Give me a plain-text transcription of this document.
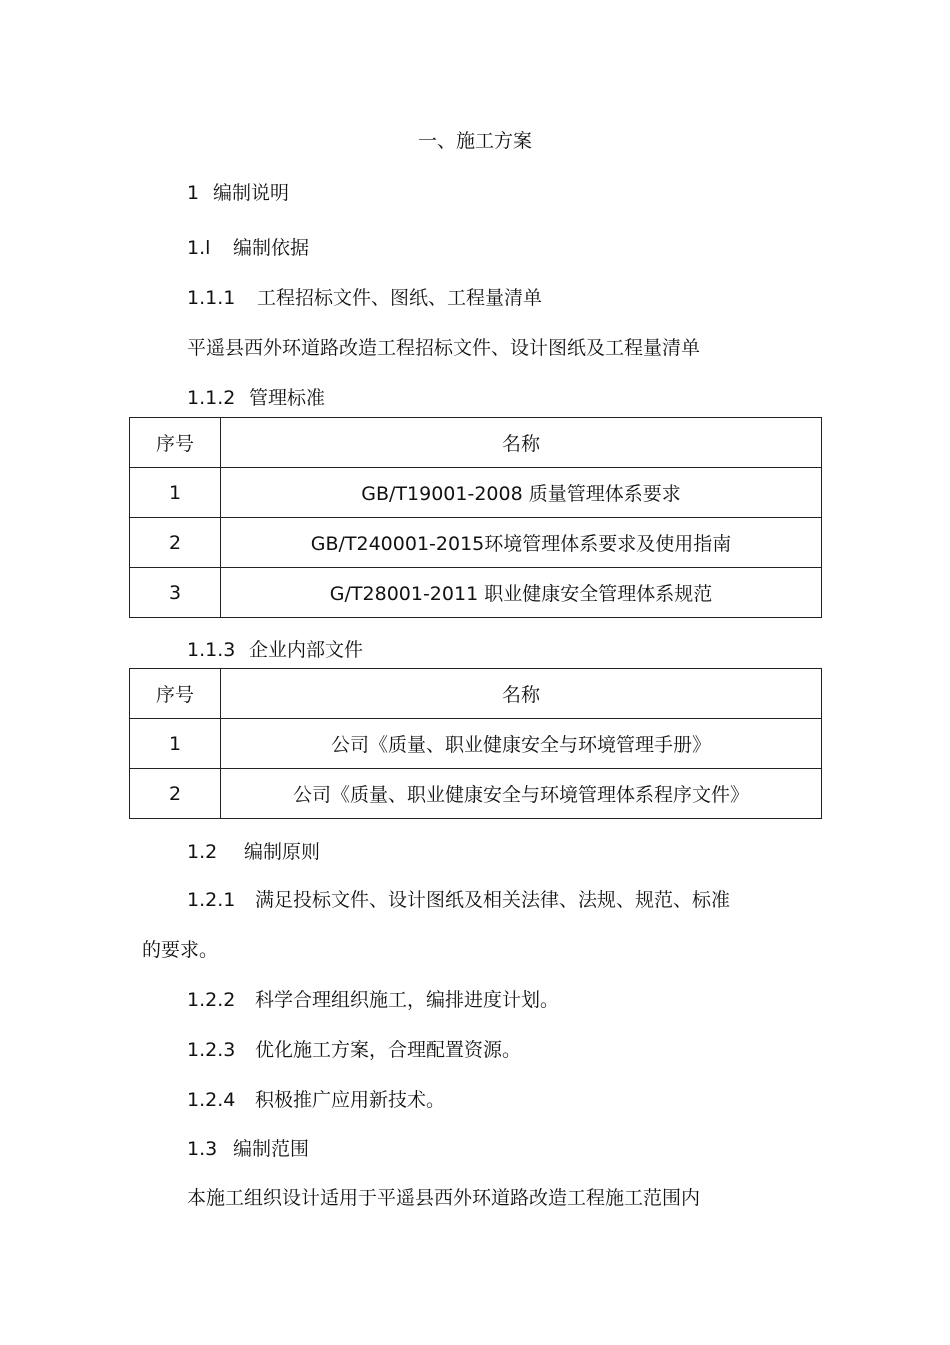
一、施工方案

1 编制说明

1.l 编制依据

1.1.1 工程招标文件、图纸、工程量清单

平遥县西外环道路改造工程招标文件、设计图纸及工程量清单

1.1.2 管理标准

序号	名称
1	GB/T19001-2008 质量管理体系要求
2	GB/T240001-2015环境管理体系要求及使用指南
3	G/T28001-2011 职业健康安全管理体系规范

1.1.3 企业内部文件

序号	名称
1	公司《质量、职业健康安全与环境管理手册》
2	公司《质量、职业健康安全与环境管理体系程序文件》

1.2 编制原则

1.2.1 满足投标文件、设计图纸及相关法律、法规、规范、标准

的要求。

1.2.2 科学合理组织施工，编排进度计划。

1.2.3 优化施工方案，合理配置资源。

1.2.4 积极推广应用新技术。

1.3 编制范围

本施工组织设计适用于平遥县西外环道路改造工程施工范围内
